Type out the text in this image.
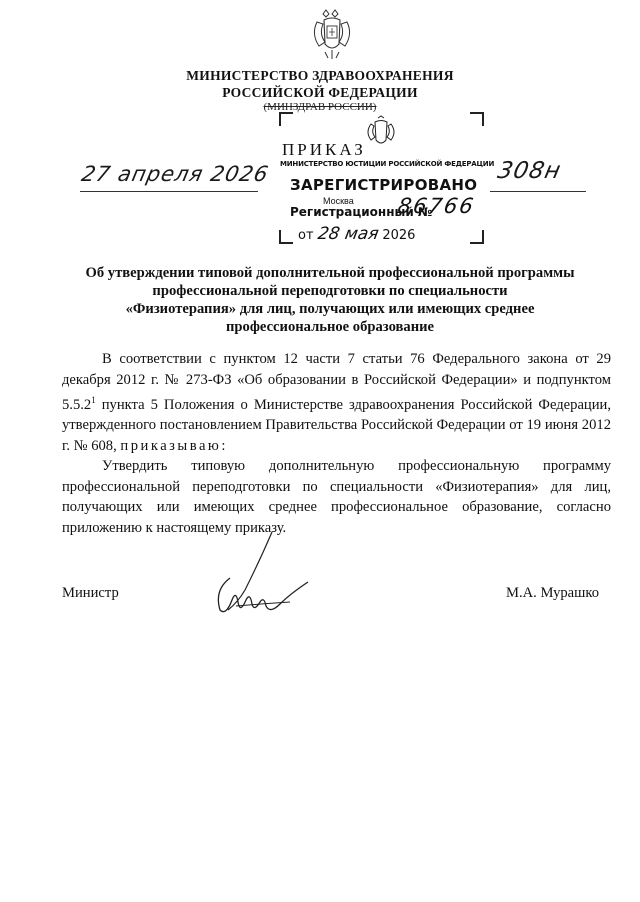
МИНИСТЕРСТВО ЗДРАВООХРАНЕНИЯ
РОССИЙСКОЙ ФЕДЕРАЦИИ
(МИНЗДРАВ РОССИИ)
ПРИКАЗ
МИНИСТЕРСТВО ЮСТИЦИИ РОССИЙСКОЙ ФЕДЕРАЦИИ
ЗАРЕГИСТРИРОВАНО
Москва
Регистрационный №
86766
от 28 мая 2026
27 апреля 2026	308н
Об утверждении типовой дополнительной профессиональной программы
профессиональной переподготовки по специальности
«Физиотерапия» для лиц, получающих или имеющих среднее
профессиональное образование

В соответствии с пунктом 12 части 7 статьи 76 Федерального закона от 29 декабря 2012 г. № 273-ФЗ «Об образовании в Российской Федерации» и подпунктом 5.5.2$^1$ пункта 5 Положения о Министерстве здравоохранения Российской Федерации, утвержденного постановлением Правительства Российской Федерации от 19 июня 2012 г. № 608, приказываю:

Утвердить типовую дополнительную профессиональную программу профессиональной переподготовки по специальности «Физиотерапия» для лиц, получающих или имеющих среднее профессиональное образование, согласно приложению к настоящему приказу.

Министр	М.А. Мурашко
